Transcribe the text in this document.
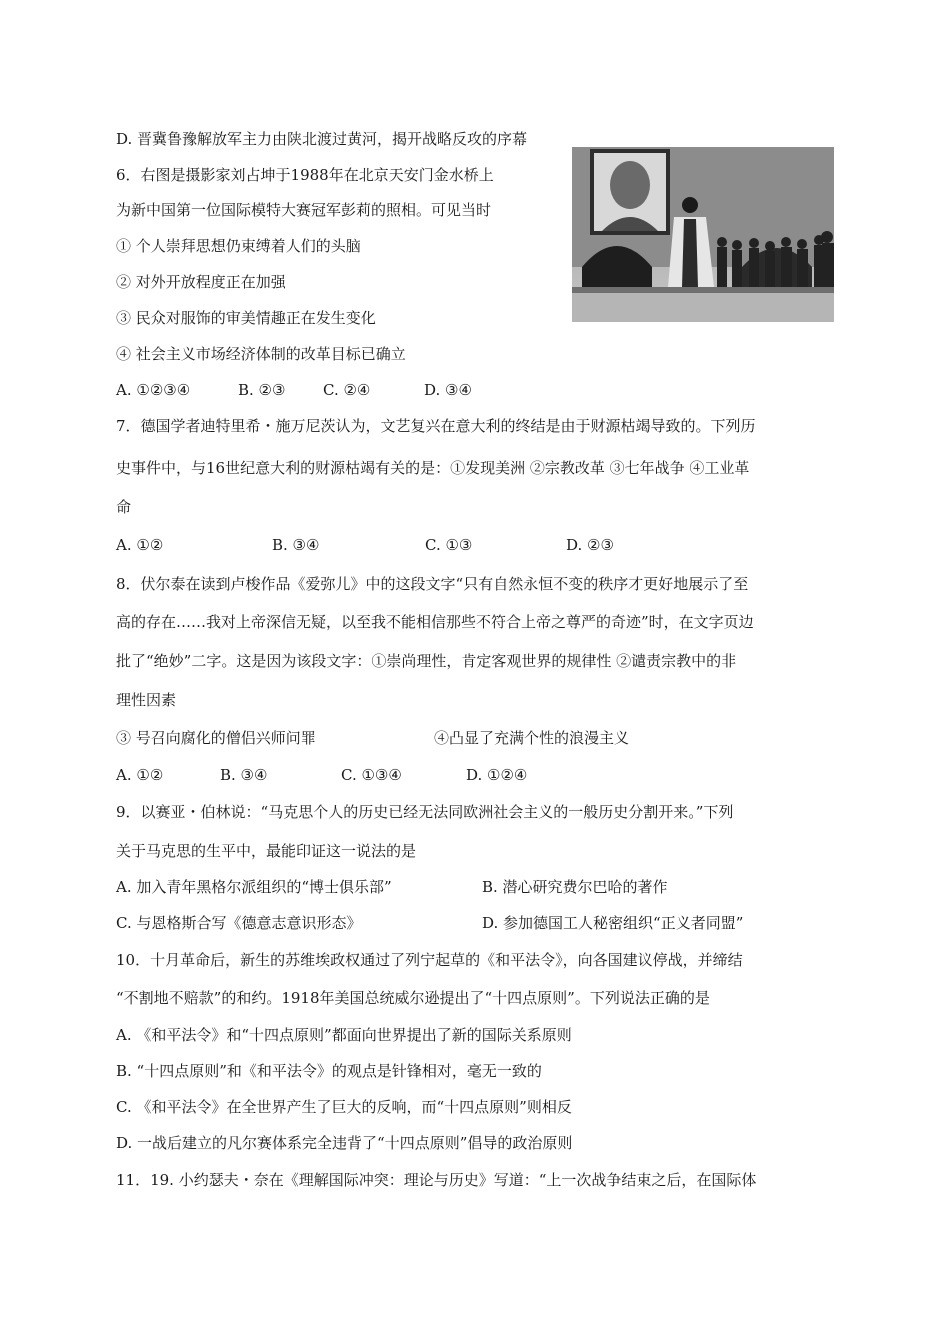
D. 晋冀鲁豫解放军主力由陕北渡过黄河，揭开战略反攻的序幕
6．右图是摄影家刘占坤于1988年在北京天安门金水桥上
为新中国第一位国际模特大赛冠军彭莉的照相。可见当时
① 个人崇拜思想仍束缚着人们的头脑
② 对外开放程度正在加强
③ 民众对服饰的审美情趣正在发生变化
④ 社会主义市场经济体制的改革目标已确立
A. ①②③④	B. ②③	C. ②④	D. ③④
7．德国学者迪特里希・施万尼茨认为，文艺复兴在意大利的终结是由于财源枯竭导致的。下列历
史事件中，与16世纪意大利的财源枯竭有关的是：①发现美洲 ②宗教改革 ③七年战争 ④工业革
命
A. ①②	B. ③④	C. ①③	D. ②③
8．伏尔泰在读到卢梭作品《爱弥儿》中的这段文字“只有自然永恒不变的秩序才更好地展示了至
高的存在……我对上帝深信无疑，以至我不能相信那些不符合上帝之尊严的奇迹”时，在文字页边
批了“绝妙”二字。这是因为该段文字：①崇尚理性，肯定客观世界的规律性 ②谴责宗教中的非
理性因素
③ 号召向腐化的僧侣兴师问罪	④凸显了充满个性的浪漫主义
A. ①②	B. ③④	C. ①③④	D. ①②④
9．以赛亚・伯林说：“马克思个人的历史已经无法同欧洲社会主义的一般历史分割开来。”下列
关于马克思的生平中，最能印证这一说法的是
A. 加入青年黑格尔派组织的“博士俱乐部”	B. 潜心研究费尔巴哈的著作
C. 与恩格斯合写《德意志意识形态》	D. 参加德国工人秘密组织“正义者同盟”
10．十月革命后，新生的苏维埃政权通过了列宁起草的《和平法令》，向各国建议停战，并缔结
“不割地不赔款”的和约。1918年美国总统威尔逊提出了“十四点原则”。下列说法正确的是
A. 《和平法令》和“十四点原则”都面向世界提出了新的国际关系原则
B. “十四点原则”和《和平法令》的观点是针锋相对，毫无一致的
C. 《和平法令》在全世界产生了巨大的反响，而“十四点原则”则相反
D. 一战后建立的凡尔赛体系完全违背了“十四点原则”倡导的政治原则
11．19. 小约瑟夫・奈在《理解国际冲突：理论与历史》写道：“上一次战争结束之后，在国际体
